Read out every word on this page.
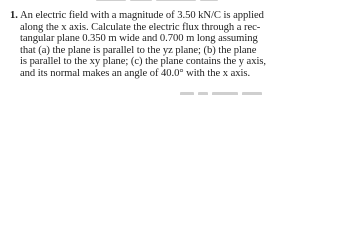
1. An electric field with a magnitude of 3.50 kN/C is applied
along the x axis. Calculate the electric flux through a rec-
tangular plane 0.350 m wide and 0.700 m long assuming
that (a) the plane is parallel to the yz plane; (b) the plane
is parallel to the xy plane; (c) the plane contains the y axis,
and its normal makes an angle of 40.0° with the x axis.
